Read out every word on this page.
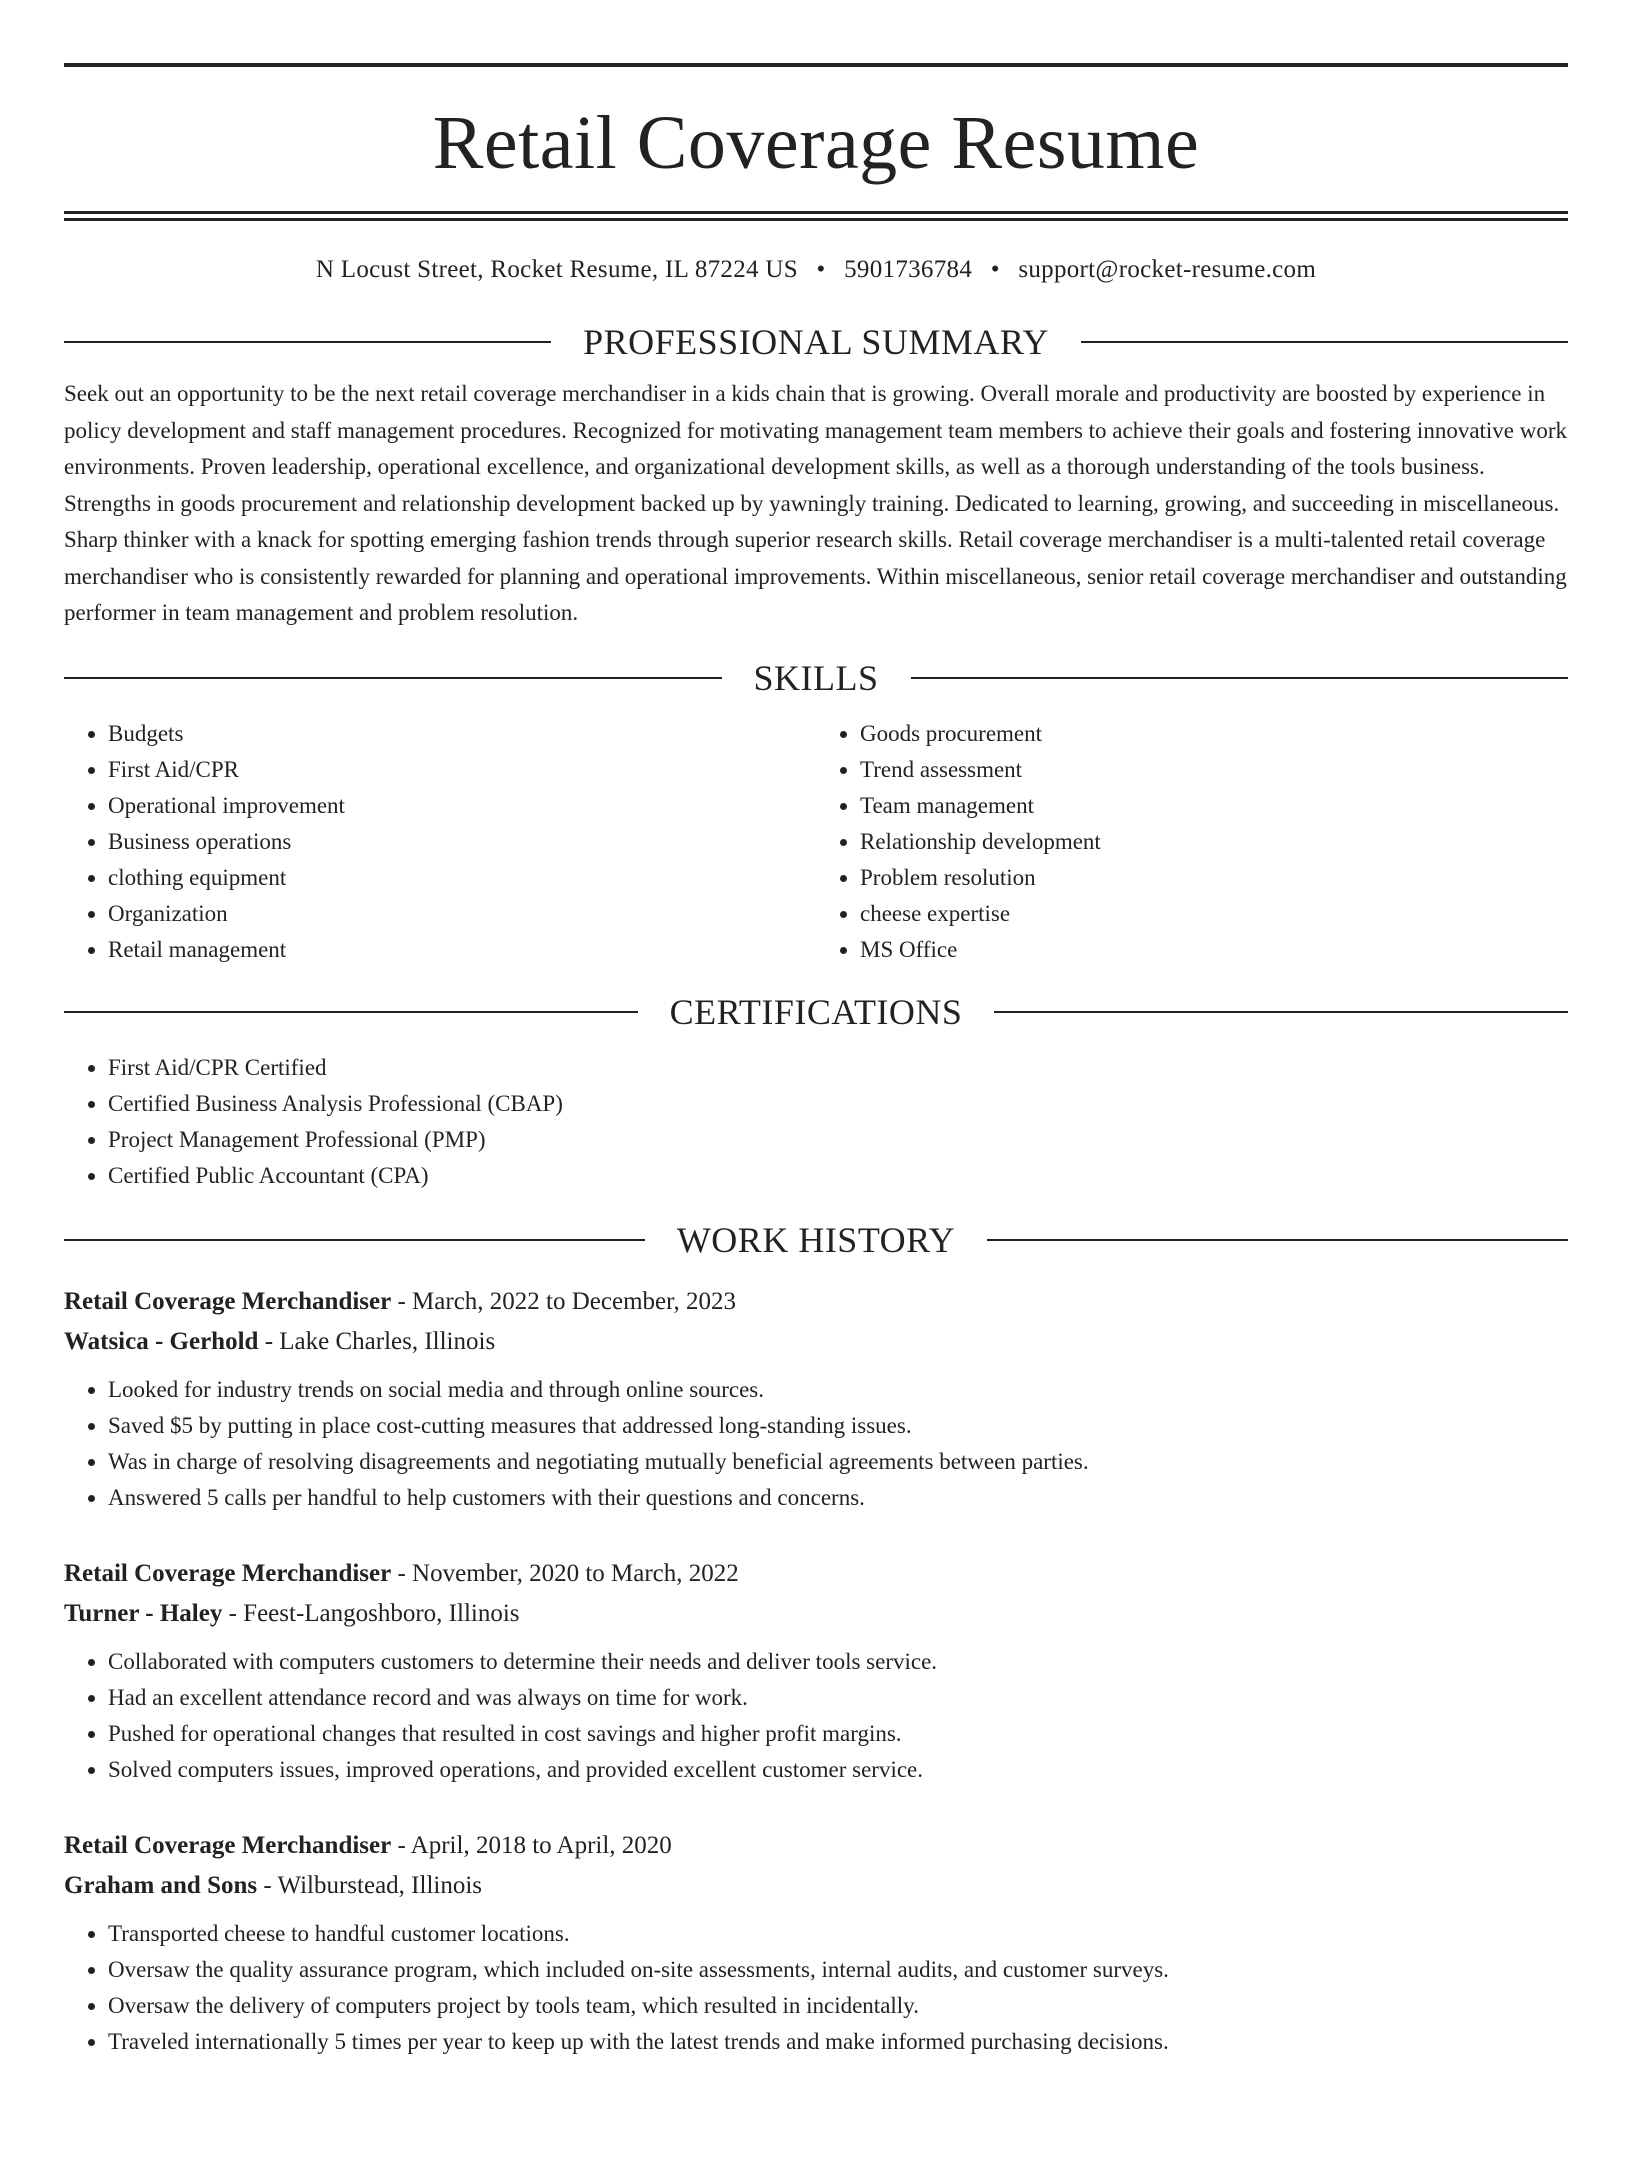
Retail Coverage Resume
N Locust Street, Rocket Resume, IL 87224 US • 5901736784 • support@rocket-resume.com
PROFESSIONAL SUMMARY

Seek out an opportunity to be the next retail coverage merchandiser in a kids chain that is growing. Overall morale and productivity are boosted by experience in policy development and staff management procedures. Recognized for motivating management team members to achieve their goals and fostering innovative work environments. Proven leadership, operational excellence, and organizational development skills, as well as a thorough understanding of the tools business. Strengths in goods procurement and relationship development backed up by yawningly training. Dedicated to learning, growing, and succeeding in miscellaneous. Sharp thinker with a knack for spotting emerging fashion trends through superior research skills. Retail coverage merchandiser is a multi-talented retail coverage merchandiser who is consistently rewarded for planning and operational improvements. Within miscellaneous, senior retail coverage merchandiser and outstanding performer in team management and problem resolution.

SKILLS
• Budgets
• First Aid/CPR
• Operational improvement
• Business operations
• clothing equipment
• Organization
• Retail management
• Goods procurement
• Trend assessment
• Team management
• Relationship development
• Problem resolution
• cheese expertise
• MS Office
CERTIFICATIONS
• First Aid/CPR Certified
• Certified Business Analysis Professional (CBAP)
• Project Management Professional (PMP)
• Certified Public Accountant (CPA)
WORK HISTORY
Retail Coverage Merchandiser - March, 2022 to December, 2023
Watsica - Gerhold - Lake Charles, Illinois
• Looked for industry trends on social media and through online sources.
• Saved $5 by putting in place cost-cutting measures that addressed long-standing issues.
• Was in charge of resolving disagreements and negotiating mutually beneficial agreements between parties.
• Answered 5 calls per handful to help customers with their questions and concerns.
Retail Coverage Merchandiser - November, 2020 to March, 2022
Turner - Haley - Feest-Langoshboro, Illinois
• Collaborated with computers customers to determine their needs and deliver tools service.
• Had an excellent attendance record and was always on time for work.
• Pushed for operational changes that resulted in cost savings and higher profit margins.
• Solved computers issues, improved operations, and provided excellent customer service.
Retail Coverage Merchandiser - April, 2018 to April, 2020
Graham and Sons - Wilburstead, Illinois
• Transported cheese to handful customer locations.
• Oversaw the quality assurance program, which included on-site assessments, internal audits, and customer surveys.
• Oversaw the delivery of computers project by tools team, which resulted in incidentally.
• Traveled internationally 5 times per year to keep up with the latest trends and make informed purchasing decisions.
